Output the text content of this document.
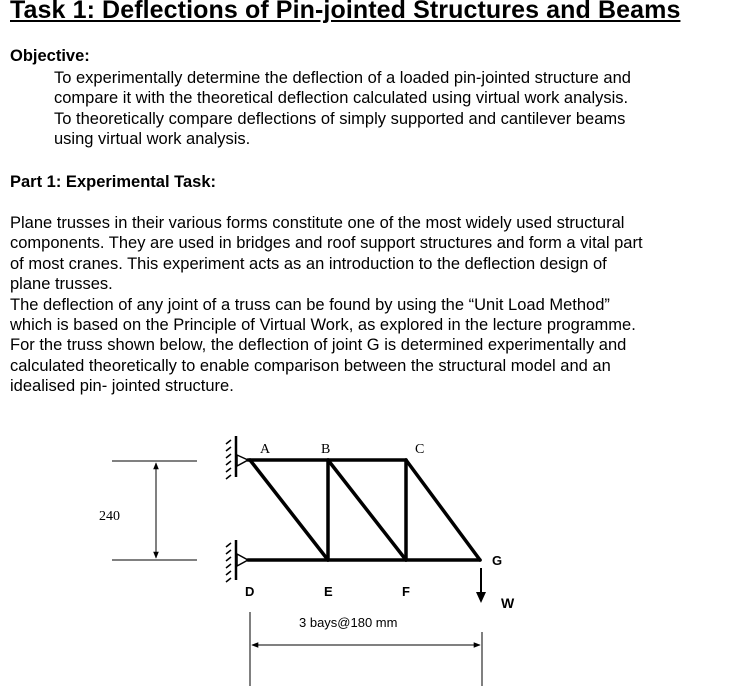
Task 1: Deflections of Pin-jointed Structures and Beams
Objective:
To experimentally determine the deflection of a loaded pin-jointed structure and
compare it with the theoretical deflection calculated using virtual work analysis.
To theoretically compare deflections of simply supported and cantilever beams
using virtual work analysis.
Part 1: Experimental Task:
Plane trusses in their various forms constitute one of the most widely used structural
components. They are used in bridges and roof support structures and form a vital part
of most cranes. This experiment acts as an introduction to the deflection design of
plane trusses.
The deflection of any joint of a truss can be found by using the “Unit Load Method”
which is based on the Principle of Virtual Work, as explored in the lecture programme.
For the truss shown below, the deflection of joint G is determined experimentally and
calculated theoretically to enable comparison between the structural model and an
idealised pin- jointed structure.
240
A	B	C
D	E	F
G
W
3 bays@180 mm
